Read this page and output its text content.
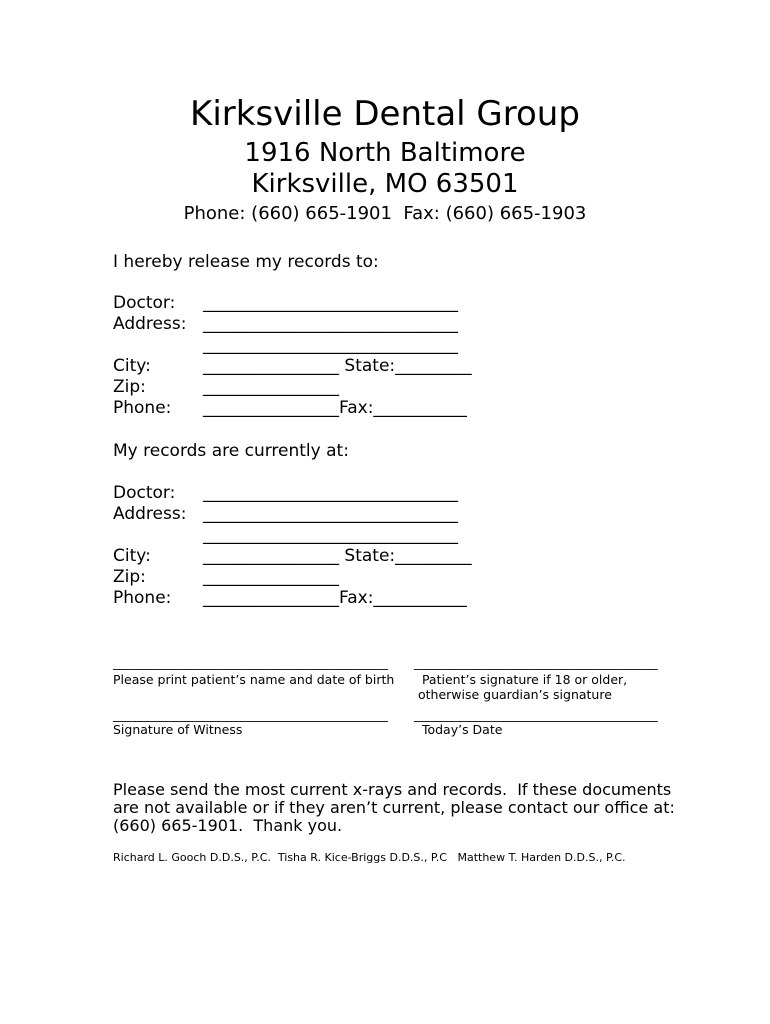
Kirksville Dental Group
1916 North Baltimore
Kirksville, MO 63501
Phone: (660) 665-1901  Fax: (660) 665-1903
I hereby release my records to:
Doctor:
Address:
City:
Zip:
Phone:
______________________________
______________________________
______________________________
________________ State:_________
________________
________________Fax:___________
My records are currently at:
Doctor:
Address:
City:
Zip:
Phone:
______________________________
______________________________
______________________________
________________ State:_________
________________
________________Fax:___________
____________________________________________ _______________________________________
Please print patient’s name and date of birth Patient’s signature if 18 or older,
otherwise guardian’s signature
____________________________________________ _______________________________________
Signature of Witness	Today’s Date
Please send the most current x-rays and records.  If these documents
are not available or if they aren’t current, please contact our office at:
(660) 665-1901.  Thank you.
Richard L. Gooch D.D.S., P.C.  Tisha R. Kice-Briggs D.D.S., P.C   Matthew T. Harden D.D.S., P.C.
